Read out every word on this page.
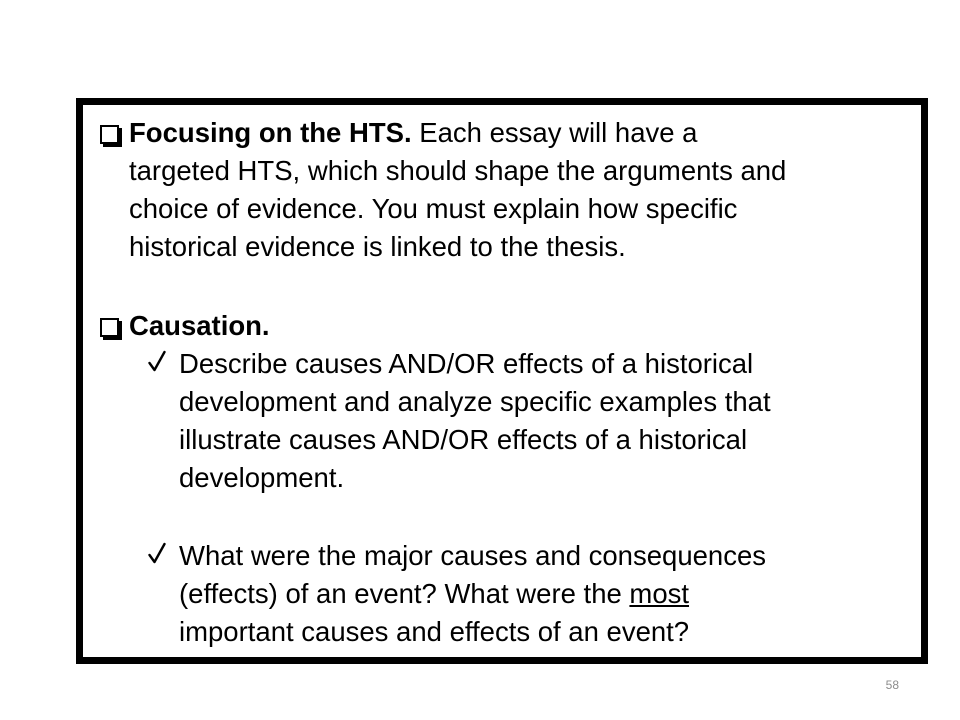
Focusing on the HTS. Each essay will have a
targeted HTS, which should shape the arguments and
choice of evidence. You must explain how specific
historical evidence is linked to the thesis.
Causation.
Describe causes AND/OR effects of a historical
development and analyze specific examples that
illustrate causes AND/OR effects of a historical
development.
What were the major causes and consequences
(effects) of an event? What were the most
important causes and effects of an event?
58
